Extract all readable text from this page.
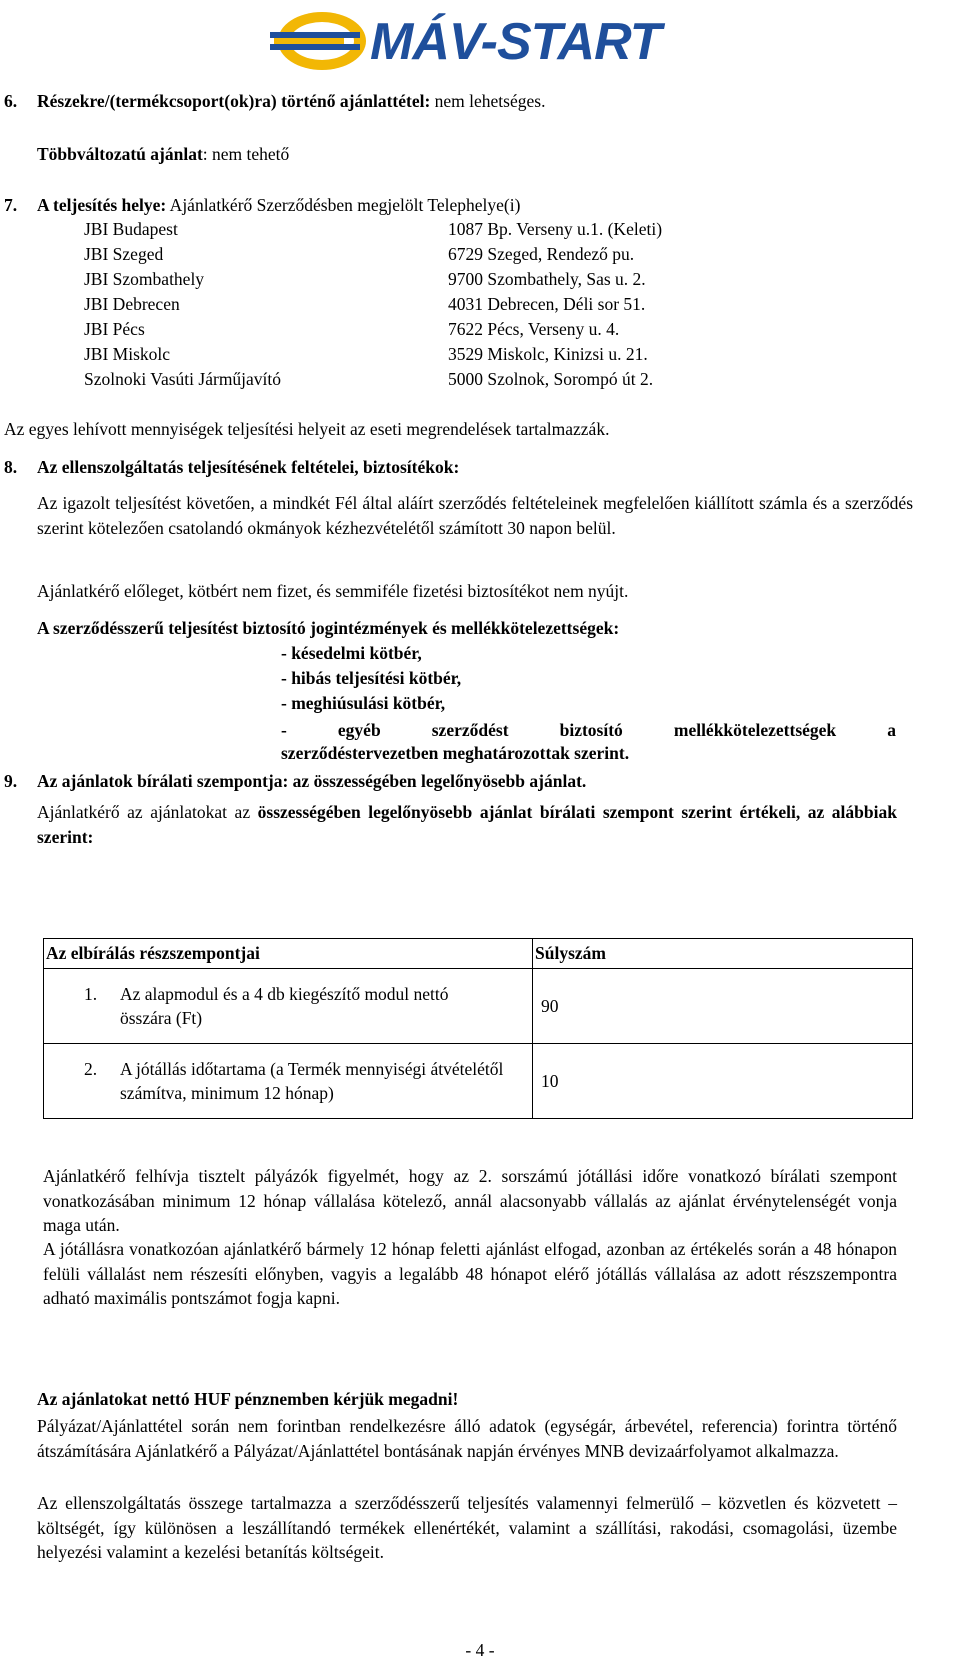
MÁV-START
6. Részekre/(termékcsoport(ok)ra) történő ajánlattétel: nem lehetséges.
Többváltozatú ajánlat: nem tehető
7. A teljesítés helye: Ajánlatkérő Szerződésben megjelölt Telephelye(i)
JBI Budapest	1087 Bp. Verseny u.1. (Keleti)
JBI Szeged	6729 Szeged, Rendező pu.
JBI Szombathely	9700 Szombathely, Sas u. 2.
JBI Debrecen	4031 Debrecen, Déli sor 51.
JBI Pécs	7622 Pécs, Verseny u. 4.
JBI Miskolc	3529 Miskolc, Kinizsi u. 21.
Szolnoki Vasúti Járműjavító	5000 Szolnok, Sorompó út 2.
Az egyes lehívott mennyiségek teljesítési helyeit az eseti megrendelések tartalmazzák.
8. Az ellenszolgáltatás teljesítésének feltételei, biztosítékok:
Az igazolt teljesítést követően, a mindkét Fél által aláírt szerződés feltételeinek megfelelően kiállított számla és a szerződés szerint kötelezően csatolandó okmányok kézhezvételétől számított 30 napon belül.
Ajánlatkérő előleget, kötbért nem fizet, és semmiféle fizetési biztosítékot nem nyújt.
A szerződésszerű teljesítést biztosító jogintézmények és mellékkötelezettségek:
- késedelmi kötbér,
- hibás teljesítési kötbér,
- meghiúsulási kötbér,
- egyéb szerződést biztosító mellékkötelezettségek a
szerződéstervezetben meghatározottak szerint.
9. Az ajánlatok bírálati szempontja: az összességében legelőnyösebb ajánlat.
Ajánlatkérő az ajánlatokat az összességében legelőnyösebb ajánlat bírálati szempont szerint értékeli, az alábbiak szerint:
Az elbírálás részszempontjai	Súlyszám

1. Az alapmodul és a 4 db kiegészítő modul nettó összára (Ft)	90

2. A jótállás időtartama (a Termék mennyiségi átvételétől számítva, minimum 12 hónap)	10
Ajánlatkérő felhívja tisztelt pályázók figyelmét, hogy az 2. sorszámú jótállási időre vonatkozó bírálati szempont vonatkozásában minimum 12 hónap vállalása kötelező, annál alacsonyabb vállalás az ajánlat érvénytelenségét vonja maga után.
A jótállásra vonatkozóan ajánlatkérő bármely 12 hónap feletti ajánlást elfogad, azonban az értékelés során a 48 hónapon felüli vállalást nem részesíti előnyben, vagyis a legalább 48 hónapot elérő jótállás vállalása az adott részszempontra adható maximális pontszámot fogja kapni.
Az ajánlatokat nettó HUF pénznemben kérjük megadni!
Pályázat/Ajánlattétel során nem forintban rendelkezésre álló adatok (egységár, árbevétel, referencia) forintra történő átszámítására Ajánlatkérő a Pályázat/Ajánlattétel bontásának napján érvényes MNB devizaárfolyamot alkalmazza.
Az ellenszolgáltatás összege tartalmazza a szerződésszerű teljesítés valamennyi felmerülő – közvetlen és közvetett – költségét, így különösen a leszállítandó termékek ellenértékét, valamint a szállítási, rakodási, csomagolási, üzembe helyezési valamint a kezelési betanítás költségeit.
- 4 -
